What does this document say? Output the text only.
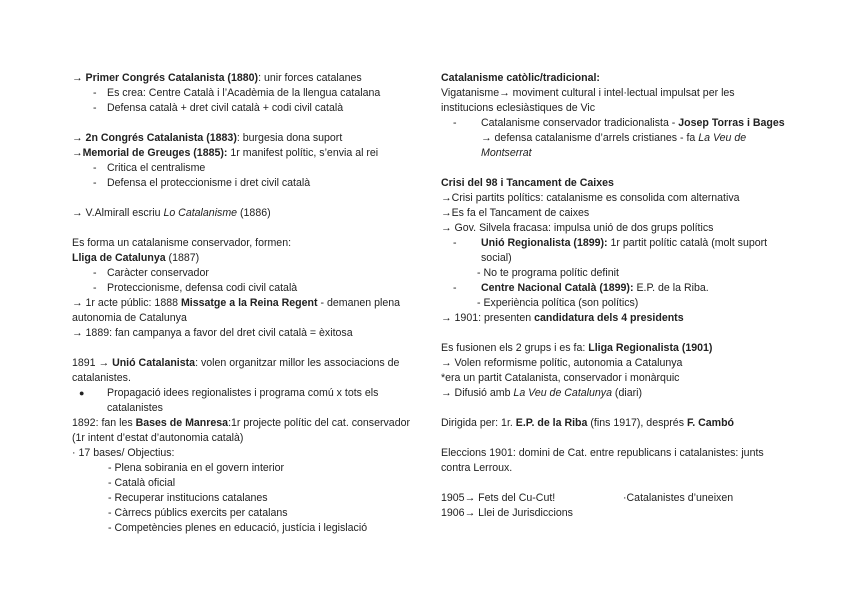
→ Primer Congrés Catalanista (1880): unir forces catalanes
- Es crea: Centre Català i l’Acadèmia de la llengua catalana
- Defensa català + dret civil català + codi civil català
→ 2n Congrés Catalanista (1883): burgesia dona suport
→Memorial de Greuges (1885): 1r manifest polític, s’envia al rei
- Critica el centralisme
- Defensa el proteccionisme i dret civil català
→ V.Almirall escriu Lo Catalanisme (1886)
Es forma un catalanisme conservador, formen:
Lliga de Catalunya (1887)
- Caràcter conservador
- Proteccionisme, defensa codi civil català
→ 1r acte públic: 1888 Missatge a la Reina Regent - demanen plena autonomia de Catalunya
→ 1889: fan campanya a favor del dret civil català = èxitosa
1891 → Unió Catalanista: volen organitzar millor les associacions de catalanistes.
● Propagació idees regionalistes i programa comú x tots els catalanistes
1892: fan les Bases de Manresa:1r projecte polític del cat. conservador (1r intent d’estat d’autonomia català)
· 17 bases/ Objectius:
- Plena sobirania en el govern interior
- Català oficial
- Recuperar institucions catalanes
- Càrrecs públics exercits per catalans
- Competències plenes en educació, justícia i legislació
Catalanisme catòlic/tradicional:
Vigatanisme→ moviment cultural i intel·lectual impulsat per les institucions eclesiàstiques de Vic
- Catalanisme conservador tradicionalista - Josep Torras i Bages → defensa catalanisme d’arrels cristianes - fa La Veu de Montserrat
Crisi del 98 i Tancament de Caixes
→Crisi partits polítics: catalanisme es consolida com alternativa
→Es fa el Tancament de caixes
→ Gov. Silvela fracasa: impulsa unió de dos grups polítics
- Unió Regionalista (1899): 1r partit polític català (molt suport social)
- No te programa polític definit
- Centre Nacional Català (1899): E.P. de la Riba.
- Experiència política (son polítics)
→ 1901: presenten candidatura dels 4 presidents
Es fusionen els 2 grups i es fa: Lliga Regionalista (1901)
→ Volen reformisme polític, autonomia a Catalunya
*era un partit Catalanista, conservador i monàrquic
→ Difusió amb La Veu de Catalunya (diari)
Dirigida per: 1r. E.P. de la Riba (fins 1917), després F. Cambó
Eleccions 1901: domini de Cat. entre republicans i catalanistes: junts contra Lerroux.
1905→ Fets del Cu-Cut!	·Catalanistes d’uneixen
1906→ Llei de Jurisdiccions
